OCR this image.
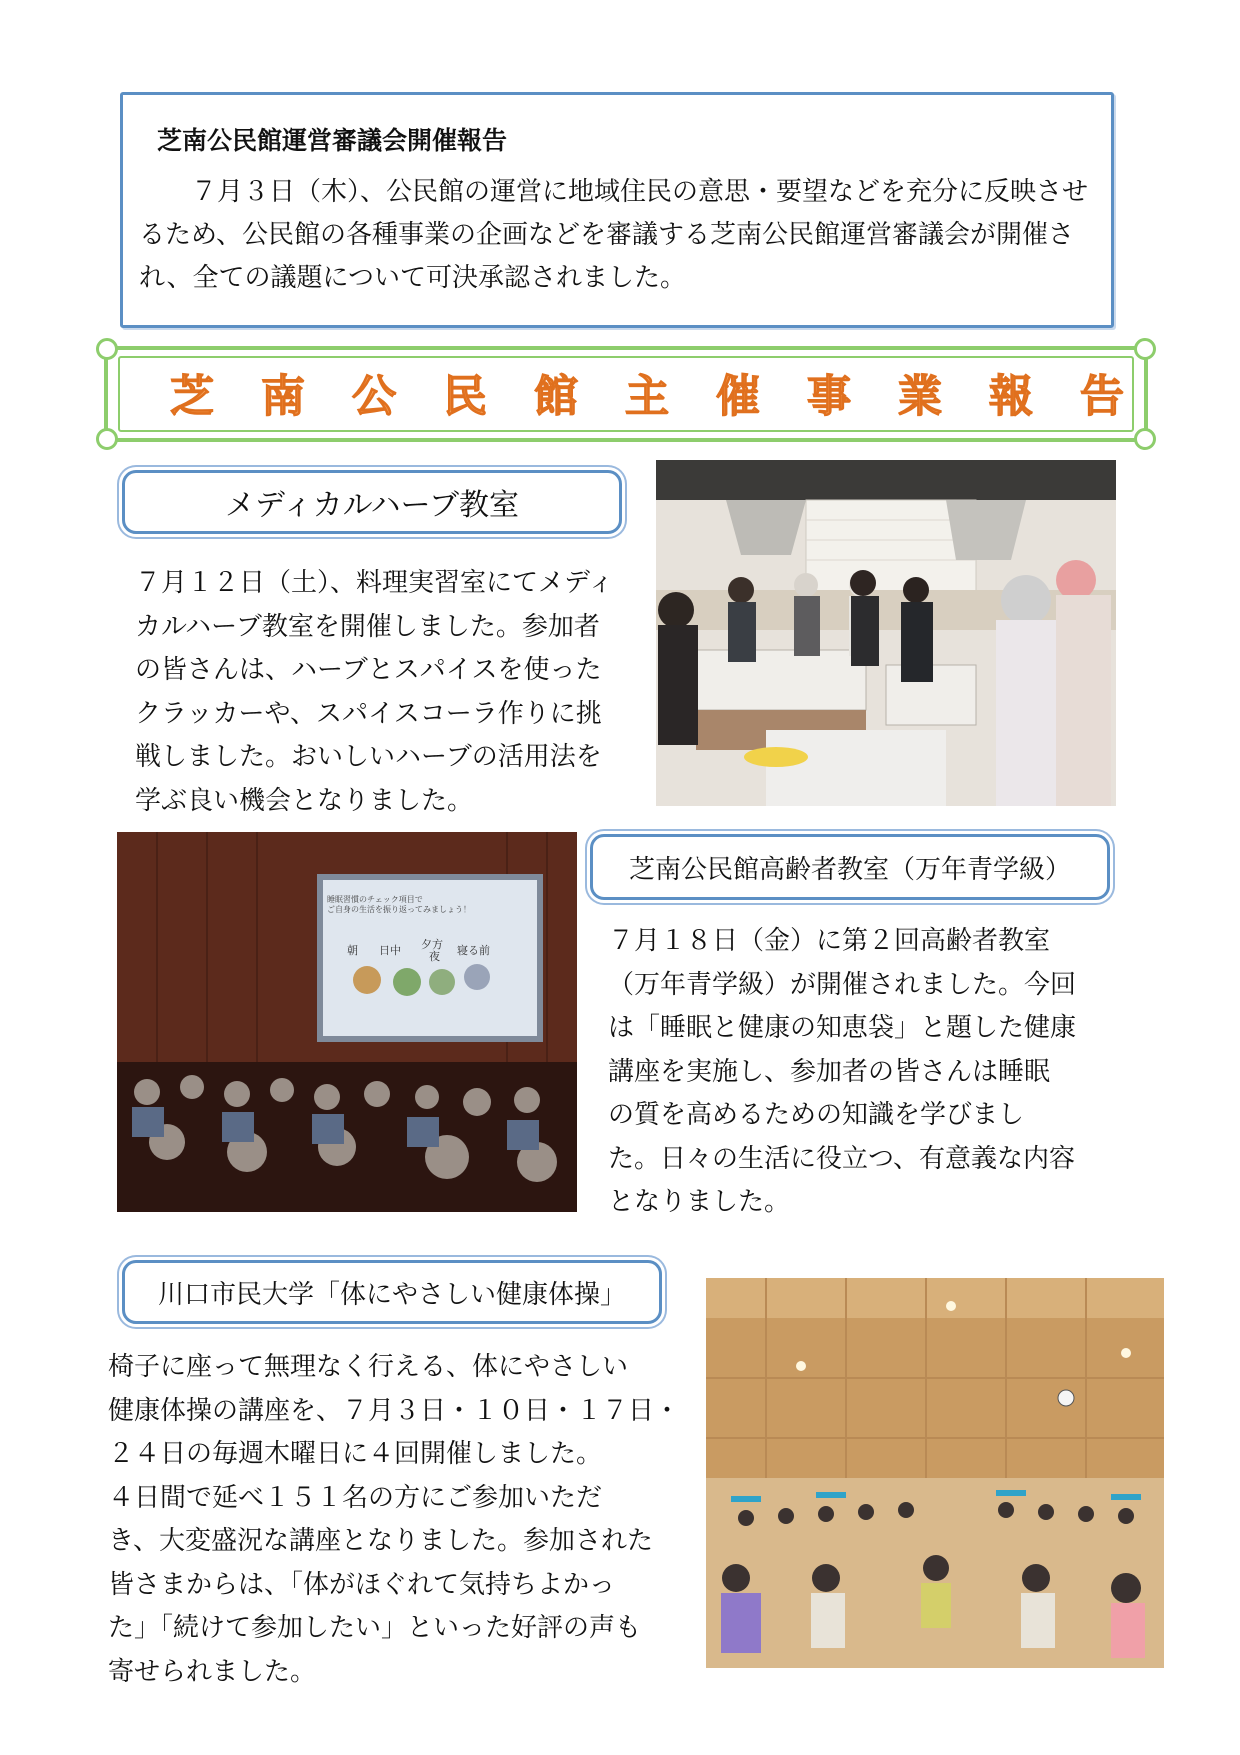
芝南公民館運営審議会開催報告
７月３日（木）、公民館の運営に地域住民の意思・要望などを充分に反映させるため、公民館の各種事業の企画などを審議する芝南公民館運営審議会が開催され、全ての議題について可決承認されました。
芝 南 公 民 館 主 催 事 業 報 告
メディカルハーブ教室
７月１２日（土）、料理実習室にてメディ
カルハーブ教室を開催しました。参加者
の皆さんは、ハーブとスパイスを使った
クラッカーや、スパイスコーラ作りに挑
戦しました。おいしいハーブの活用法を
学ぶ良い機会となりました。
睡眠習慣のチェック項目で
ご自身の生活を振り返ってみましょう！
朝 日中 夕方
夜 寝る前
芝南公民館高齢者教室（万年青学級）
７月１８日（金）に第２回高齢者教室
（万年青学級）が開催されました。今回
は「睡眠と健康の知恵袋」と題した健康
講座を実施し、参加者の皆さんは睡眠
の質を高めるための知識を学びまし
た。日々の生活に役立つ、有意義な内容
となりました。
川口市民大学「体にやさしい健康体操」
椅子に座って無理なく行える、体にやさしい
健康体操の講座を、７月３日・１０日・１７日・
２４日の毎週木曜日に４回開催しました。
４日間で延べ１５１名の方にご参加いただ
き、大変盛況な講座となりました。参加された
皆さまからは、「体がほぐれて気持ちよかっ
た」「続けて参加したい」といった好評の声も
寄せられました。
